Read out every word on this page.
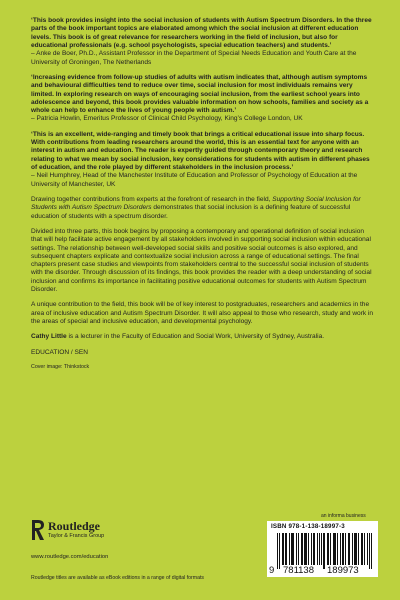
‘This book provides insight into the social inclusion of students with Autism Spectrum Disorders. In the three parts of the book important topics are elaborated among which the social inclusion at different education levels. This book is of great relevance for researchers working in the field of inclusion, but also for educational professionals (e.g. school psychologists, special education teachers) and students.’
– Anke de Boer, Ph.D., Assistant Professor in the Department of Special Needs Education and Youth Care at the University of Groningen, The Netherlands

‘Increasing evidence from follow-up studies of adults with autism indicates that, although autism symptoms and behavioural difficulties tend to reduce over time, social inclusion for most individuals remains very limited. In exploring research on ways of encouraging social inclusion, from the earliest school years into adolescence and beyond, this book provides valuable information on how schools, families and society as a whole can help to enhance the lives of young people with autism.’
– Patricia Howlin, Emeritus Professor of Clinical Child Psychology, King’s College London, UK

‘This is an excellent, wide-ranging and timely book that brings a critical educational issue into sharp focus. With contributions from leading researchers around the world, this is an essential text for anyone with an interest in autism and education. The reader is expertly guided through contemporary theory and research relating to what we mean by social inclusion, key considerations for students with autism in different phases of education, and the role played by different stakeholders in the inclusion process.’
– Neil Humphrey, Head of the Manchester Institute of Education and Professor of Psychology of Education at the University of Manchester, UK

Drawing together contributions from experts at the forefront of research in the field, Supporting Social Inclusion for Students with Autism Spectrum Disorders demonstrates that social inclusion is a defining feature of successful education of students with a spectrum disorder.

Divided into three parts, this book begins by proposing a contemporary and operational definition of social inclusion that will help facilitate active engagement by all stakeholders involved in supporting social inclusion within educational settings. The relationship between well-developed social skills and positive social outcomes is also explored, and subsequent chapters explicate and contextualize social inclusion across a range of educational settings. The final chapters present case studies and viewpoints from stakeholders central to the successful social inclusion of students with the disorder. Through discussion of its findings, this book provides the reader with a deep understanding of social inclusion and confirms its importance in facilitating positive educational outcomes for students with Autism Spectrum Disorder.

A unique contribution to the field, this book will be of key interest to postgraduates, researchers and academics in the area of inclusive education and Autism Spectrum Disorder. It will also appeal to those who research, study and work in the areas of special and inclusive education, and developmental psychology.

Cathy Little is a lecturer in the Faculty of Education and Social Work, University of Sydney, Australia.

EDUCATION / SEN

Cover image: Thinkstock

an informa business
Routledge
Taylor & Francis Group
www.routledge.com/education
Routledge titles are available as eBook editions in a range of digital formats
ISBN 978-1-138-18997-3
9 781138 189973
